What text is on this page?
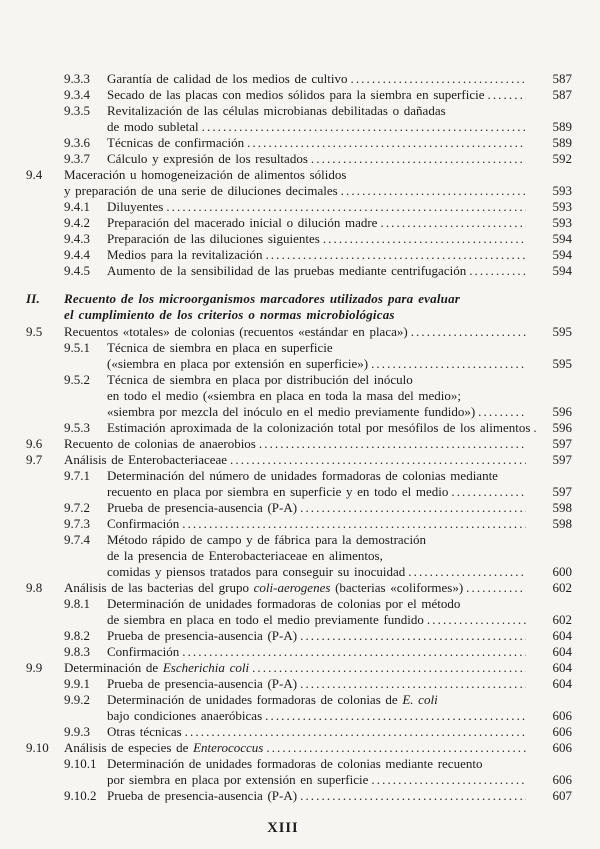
9.3.3	Garantía de calidad de los medios de cultivo .....	587
9.3.4	Secado de las placas con medios sólidos para la siembra en superficie .....	587
9.3.5	Revitalización de las células microbianas debilitadas o dañadas
de modo subletal .....	589
9.3.6	Técnicas de confirmación .....	589
9.3.7	Cálculo y expresión de los resultados .....	592
9.4	Maceración u homogeneización de alimentos sólidos
y preparación de una serie de diluciones decimales .....	593
9.4.1	Diluyentes .....	593
9.4.2	Preparación del macerado inicial o dilución madre .....	593
9.4.3	Preparación de las diluciones siguientes .....	594
9.4.4	Medios para la revitalización .....	594
9.4.5	Aumento de la sensibilidad de las pruebas mediante centrifugación .....	594
II.	Recuento de los microorganismos marcadores utilizados para evaluar
el cumplimiento de los criterios o normas microbiológicas
9.5	Recuentos «totales» de colonias (recuentos «estándar en placa») .....	595
9.5.1	Técnica de siembra en placa en superficie
(«siembra en placa por extensión en superficie») .....	595
9.5.2	Técnica de siembra en placa por distribución del inóculo
en todo el medio («siembra en placa en toda la masa del medio»;
«siembra por mezcla del inóculo en el medio previamente fundido») .....	596
9.5.3	Estimación aproximada de la colonización total por mesófilos de los alimentos .....	596
9.6	Recuento de colonias de anaerobios .....	597
9.7	Análisis de Enterobacteriaceae .....	597
9.7.1	Determinación del número de unidades formadoras de colonias mediante
recuento en placa por siembra en superficie y en todo el medio .....	597
9.7.2	Prueba de presencia-ausencia (P-A) .....	598
9.7.3	Confirmación .....	598
9.7.4	Método rápido de campo y de fábrica para la demostración
de la presencia de Enterobacteriaceae en alimentos,
comidas y piensos tratados para conseguir su inocuidad .....	600
9.8	Análisis de las bacterias del grupo coli-aerogenes (bacterias «coliformes») .....	602
9.8.1	Determinación de unidades formadoras de colonias por el método
de siembra en placa en todo el medio previamente fundido .....	602
9.8.2	Prueba de presencia-ausencia (P-A) .....	604
9.8.3	Confirmación .....	604
9.9	Determinación de Escherichia coli .....	604
9.9.1	Prueba de presencia-ausencia (P-A) .....	604
9.9.2	Determinación de unidades formadoras de colonias de E. coli
bajo condiciones anaeróbicas .....	606
9.9.3	Otras técnicas .....	606
9.10	Análisis de especies de Enterococcus .....	606
9.10.1 Determinación de unidades formadoras de colonias mediante recuento
por siembra en placa por extensión en superficie .....	606
9.10.2 Prueba de presencia-ausencia (P-A) .....	607
XIII
